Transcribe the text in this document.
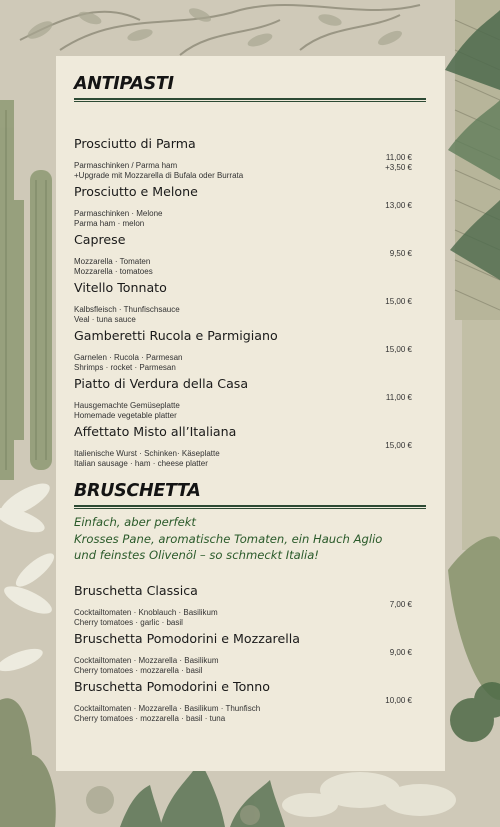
ANTIPASTI
Prosciutto di Parma
Parmaschinken / Parma ham
11,00 €
+Upgrade mit Mozzarella di Bufala oder Burrata
+3,50 €
Prosciutto e Melone
Parmaschinken · Melone
13,00 €
Parma ham · melon
Caprese
Mozzarella · Tomaten
9,50 €
Mozzarella · tomatoes
Vitello Tonnato
Kalbsfleisch · Thunfischsauce
15,00 €
Veal · tuna sauce
Gamberetti Rucola e Parmigiano
Garnelen · Rucola · Parmesan
15,00 €
Shrimps · rocket · Parmesan
Piatto di Verdura della Casa
Hausgemachte Gemüseplatte
11,00 €
Homemade vegetable platter
Affettato Misto all’Italiana
Italienische Wurst · Schinken· Käseplatte
15,00 €
Italian sausage · ham · cheese platter
BRUSCHETTA
Einfach, aber perfekt
Krosses Pane, aromatische Tomaten, ein Hauch Aglio
und feinstes Olivenöl – so schmeckt Italia!
Bruschetta Classica
Cocktailtomaten · Knoblauch · Basilikum
7,00 €
Cherry tomatoes · garlic · basil
Bruschetta Pomodorini e Mozzarella
Cocktailtomaten · Mozzarella · Basilikum
9,00 €
Cherry tomatoes · mozzarella · basil
Bruschetta Pomodorini e Tonno
Cocktailtomaten · Mozzarella · Basilikum · Thunfisch
10,00 €
Cherry tomatoes · mozzarella · basil · tuna
